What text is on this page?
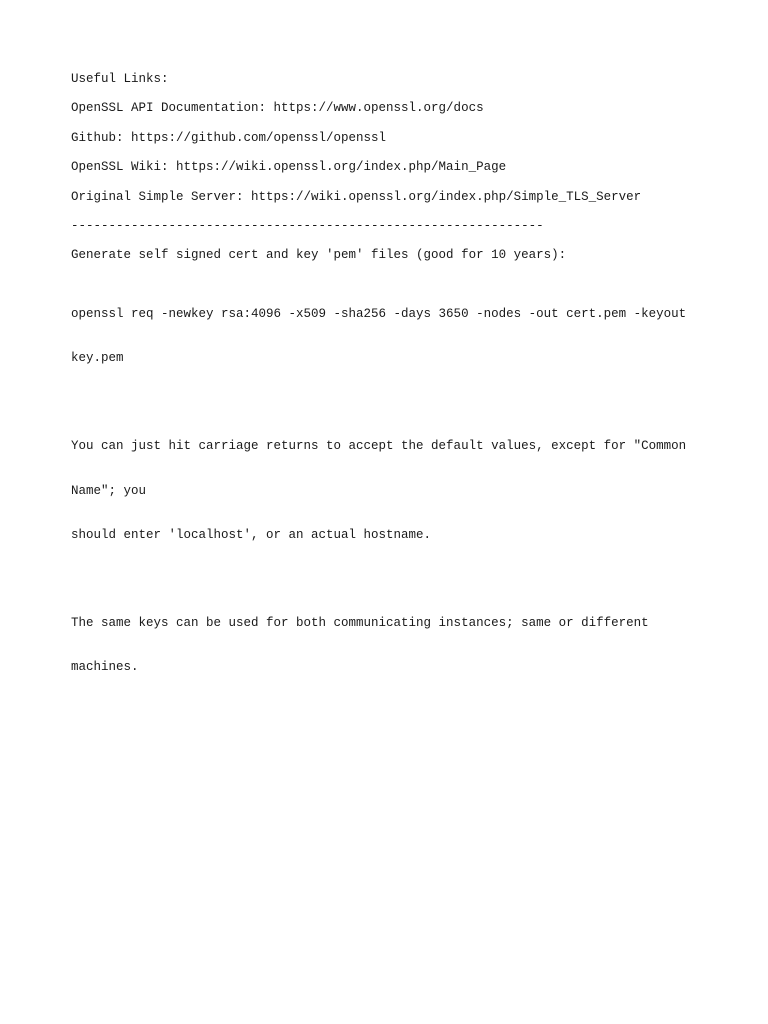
Useful Links:

OpenSSL API Documentation: https://www.openssl.org/docs

Github: https://github.com/openssl/openssl

OpenSSL Wiki: https://wiki.openssl.org/index.php/Main_Page

Original Simple Server: https://wiki.openssl.org/index.php/Simple_TLS_Server

---------------------------------------------------------------

Generate self signed cert and key 'pem' files (good for 10 years):

openssl req -newkey rsa:4096 -x509 -sha256 -days 3650 -nodes -out cert.pem -keyout

key.pem

You can just hit carriage returns to accept the default values, except for "Common

Name"; you

should enter 'localhost', or an actual hostname.

The same keys can be used for both communicating instances; same or different

machines.
